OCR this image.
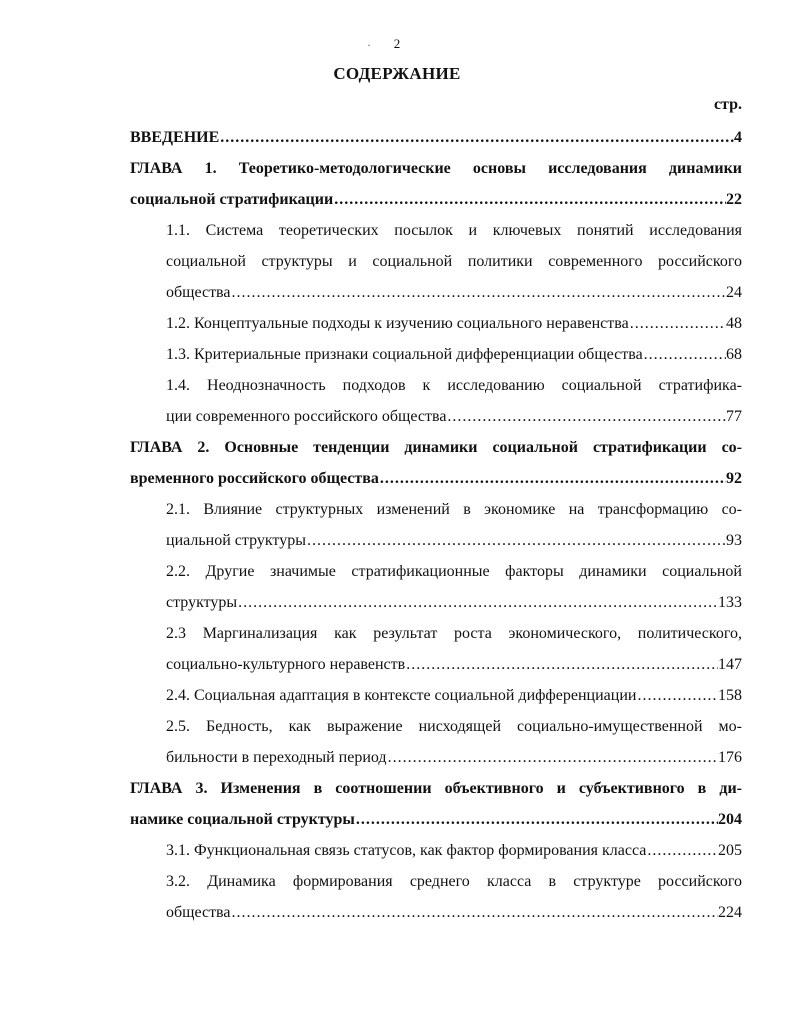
2
·
СОДЕРЖАНИЕ
стр.
ВВЕДЕНИЕ .....	4
ГЛАВА 1. Теоретико-методологические основы исследования динамики
социальной стратификации .....	22
1.1. Система теоретических посылок и ключевых понятий исследования
социальной структуры и социальной политики современного российского
общества .....	24
1.2. Концептуальные подходы к изучению социального неравенства .....	48
1.3. Критериальные признаки социальной дифференциации общества .....	68
1.4. Неоднозначность подходов к исследованию социальной стратифика-
ции современного российского общества .....	77
ГЛАВА 2. Основные тенденции динамики социальной стратификации со-
временного российского общества .....	92
2.1. Влияние структурных изменений в экономике на трансформацию со-
циальной структуры .....	93
2.2. Другие значимые стратификационные факторы динамики социальной
структуры .....	133
2.3 Маргинализация как результат роста экономического, политического,
социально-культурного неравенств .....	147
2.4. Социальная адаптация в контексте социальной дифференциации .....	158
2.5. Бедность, как выражение нисходящей социально-имущественной мо-
бильности в переходный период .....	176
ГЛАВА 3. Изменения в соотношении объективного и субъективного в ди-
намике социальной структуры .....	204
3.1. Функциональная связь статусов, как фактор формирования класса .....	205
3.2. Динамика формирования среднего класса в структуре российского
общества .....	224
